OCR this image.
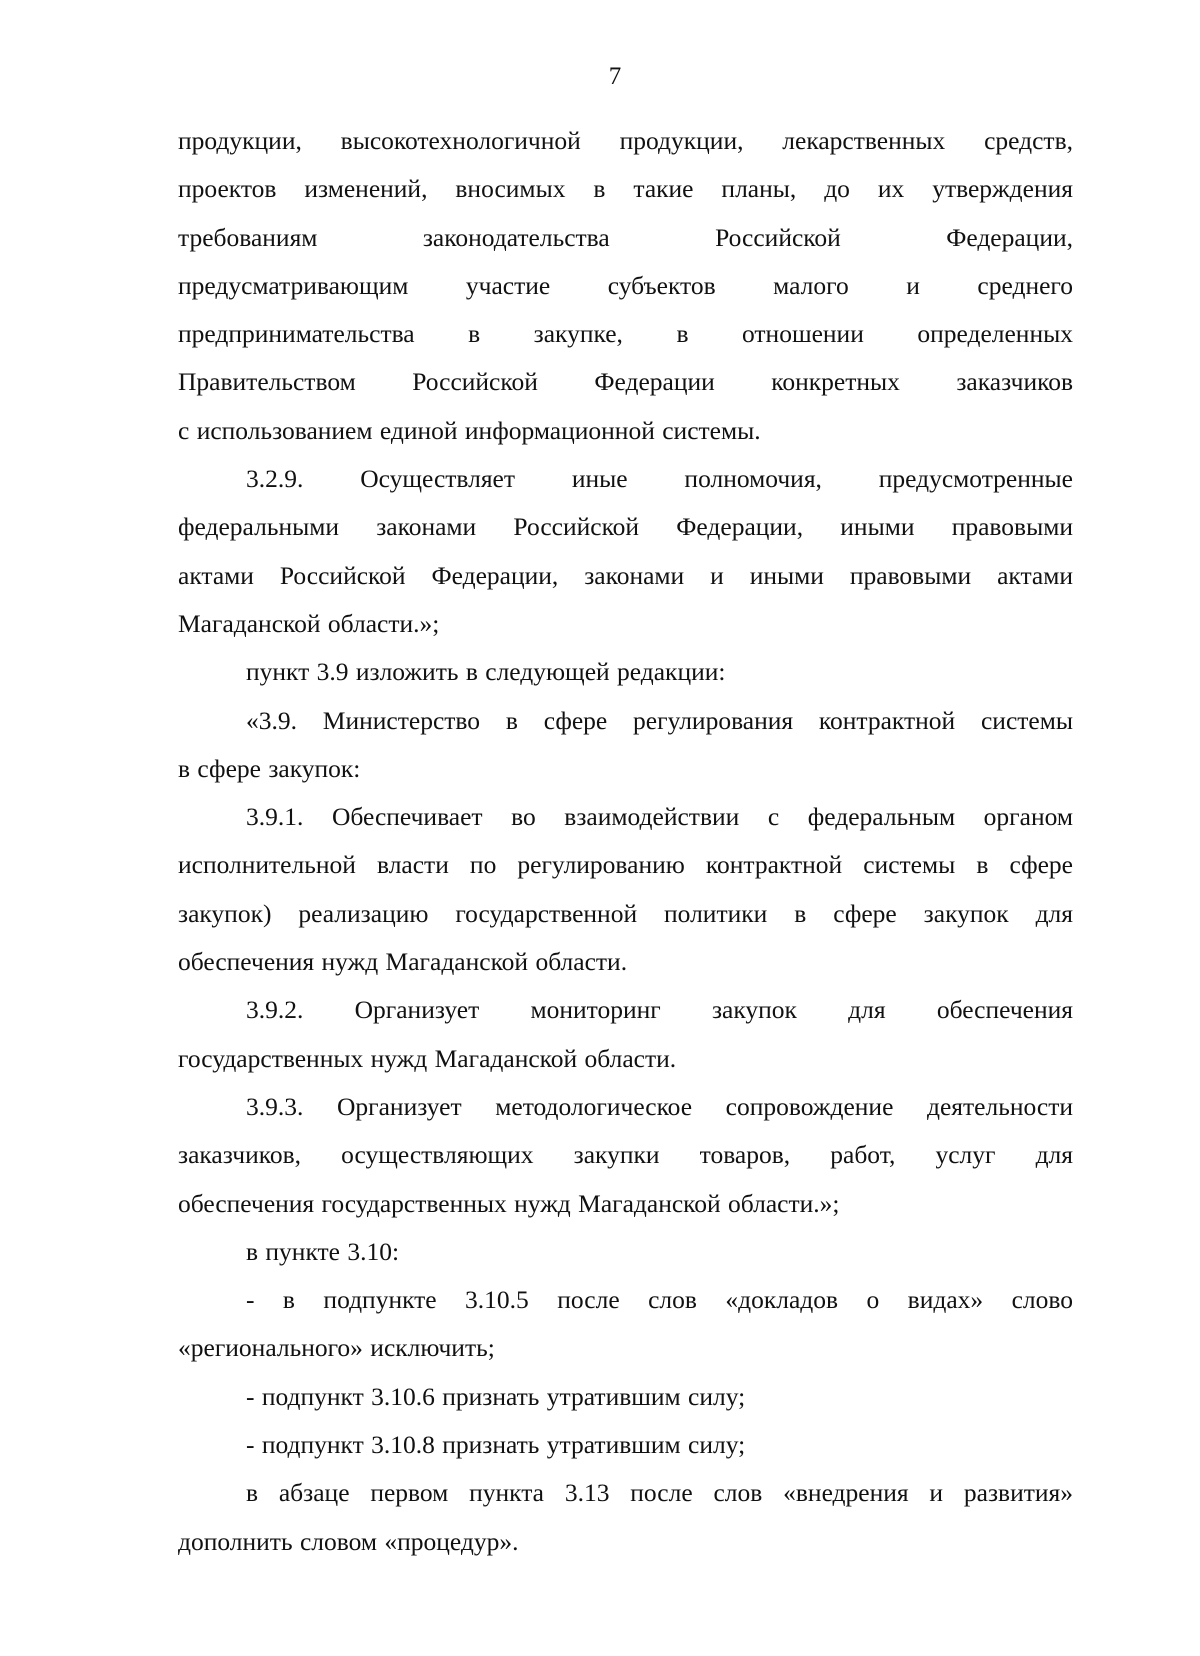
7
продукции, высокотехнологичной продукции, лекарственных средств,
проектов изменений, вносимых в такие планы, до их утверждения
требованиям законодательства Российской Федерации,
предусматривающим участие субъектов малого и среднего
предпринимательства в закупке, в отношении определенных
Правительством Российской Федерации конкретных заказчиков
с использованием единой информационной системы.
3.2.9. Осуществляет иные полномочия, предусмотренные
федеральными законами Российской Федерации, иными правовыми
актами Российской Федерации, законами и иными правовыми актами
Магаданской области.»;
пункт 3.9 изложить в следующей редакции:
«3.9. Министерство в сфере регулирования контрактной системы
в сфере закупок:
3.9.1. Обеспечивает во взаимодействии с федеральным органом
исполнительной власти по регулированию контрактной системы в сфере
закупок) реализацию государственной политики в сфере закупок для
обеспечения нужд Магаданской области.
3.9.2. Организует мониторинг закупок для обеспечения
государственных нужд Магаданской области.
3.9.3. Организует методологическое сопровождение деятельности
заказчиков, осуществляющих закупки товаров, работ, услуг для
обеспечения государственных нужд Магаданской области.»;
в пункте 3.10:
- в подпункте 3.10.5 после слов «докладов о видах» слово
«регионального» исключить;
- подпункт 3.10.6 признать утратившим силу;
- подпункт 3.10.8 признать утратившим силу;
в абзаце первом пункта 3.13 после слов «внедрения и развития»
дополнить словом «процедур».
